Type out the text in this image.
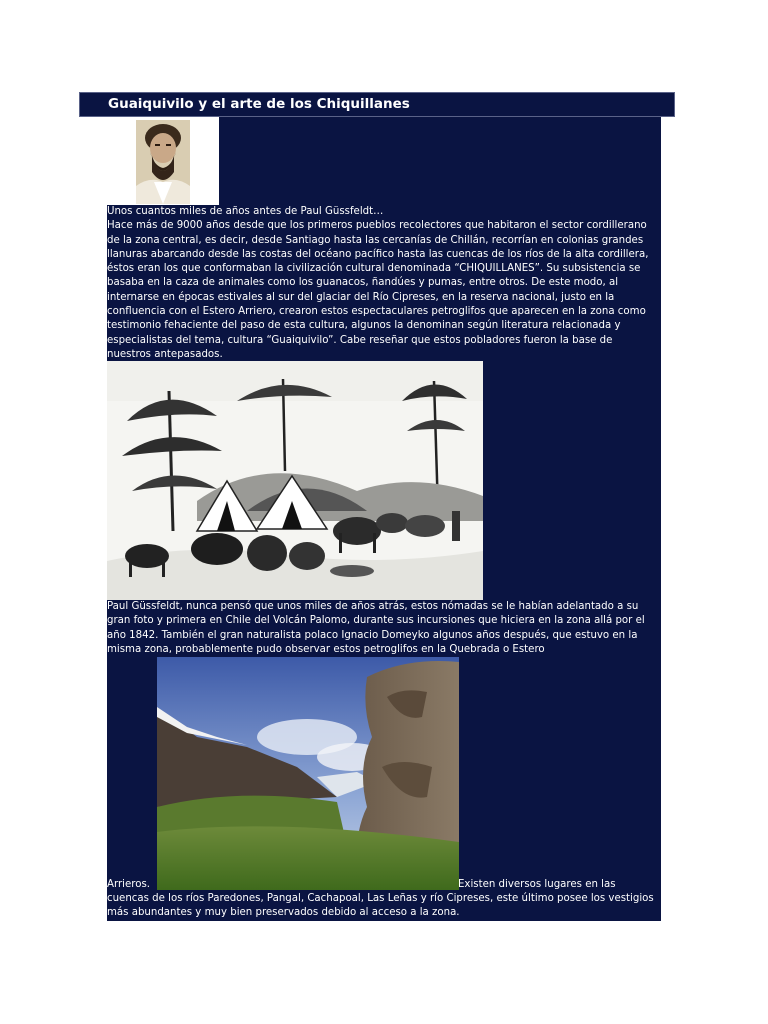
Guaiquivilo y el arte de los Chiquillanes

Unos cuantos miles de años antes de Paul Güssfeldt…

Hace más de 9000 años desde que los primeros pueblos recolectores que habitaron el sector cordillerano de la zona central, es decir, desde Santiago hasta las cercanías de Chillán, recorrían en colonias grandes llanuras abarcando desde las costas del océano pacífico hasta las cuencas de los ríos de la alta cordillera, éstos eran los que conformaban la civilización cultural denominada “CHIQUILLANES”. Su subsistencia se basaba en la caza de animales como los guanacos, ñandúes y pumas, entre otros. De este modo, al internarse en épocas estivales al sur del glaciar del Río Cipreses, en la reserva nacional, justo en la confluencia con el Estero Arriero, crearon estos espectaculares petroglifos que aparecen en la zona como testimonio fehaciente del paso de esta cultura, algunos la denominan según literatura relacionada y especialistas del tema, cultura “Guaiquivilo”. Cabe reseñar que estos pobladores fueron la base de nuestros antepasados.

Paul Güssfeldt, nunca pensó que unos miles de años atrás, estos nómadas se le habían adelantado a su gran foto y primera en Chile del Volcán Palomo, durante sus incursiones que hiciera en la zona allá por el año 1842. También el gran naturalista polaco Ignacio Domeyko algunos años después, que estuvo en la misma zona, probablemente pudo observar estos petroglifos en la Quebrada o Estero
Arrieros.	Existen diversos lugares en las
cuencas de los ríos Paredones, Pangal, Cachapoal, Las Leñas y río Cipreses, este último posee los vestigios más abundantes y muy bien preservados debido al acceso a la zona.
